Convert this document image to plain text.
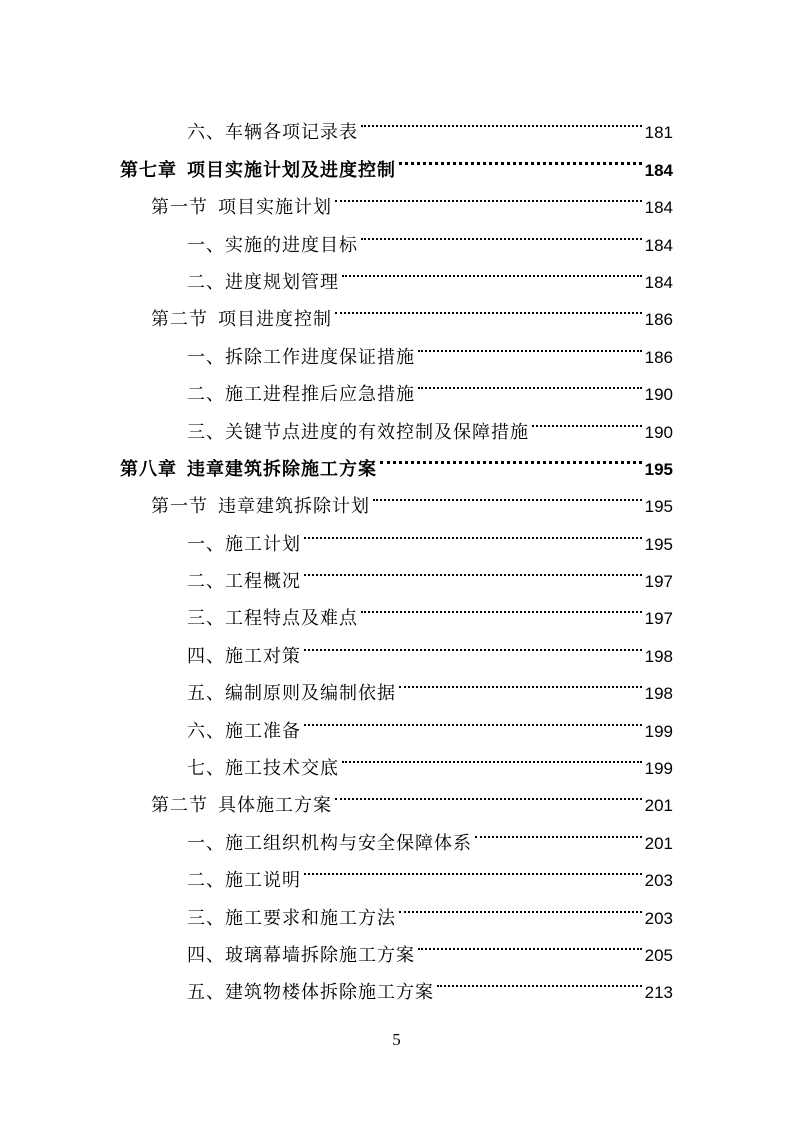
六、车辆各项记录表	181
第七章 项目实施计划及进度控制	184
第一节 项目实施计划	184
一、实施的进度目标	184
二、进度规划管理	184
第二节 项目进度控制	186
一、拆除工作进度保证措施	186
二、施工进程推后应急措施	190
三、关键节点进度的有效控制及保障措施	190
第八章 违章建筑拆除施工方案	195
第一节 违章建筑拆除计划	195
一、施工计划	195
二、工程概况	197
三、工程特点及难点	197
四、施工对策	198
五、编制原则及编制依据	198
六、施工准备	199
七、施工技术交底	199
第二节 具体施工方案	201
一、施工组织机构与安全保障体系	201
二、施工说明	203
三、施工要求和施工方法	203
四、玻璃幕墙拆除施工方案	205
五、建筑物楼体拆除施工方案	213
5
